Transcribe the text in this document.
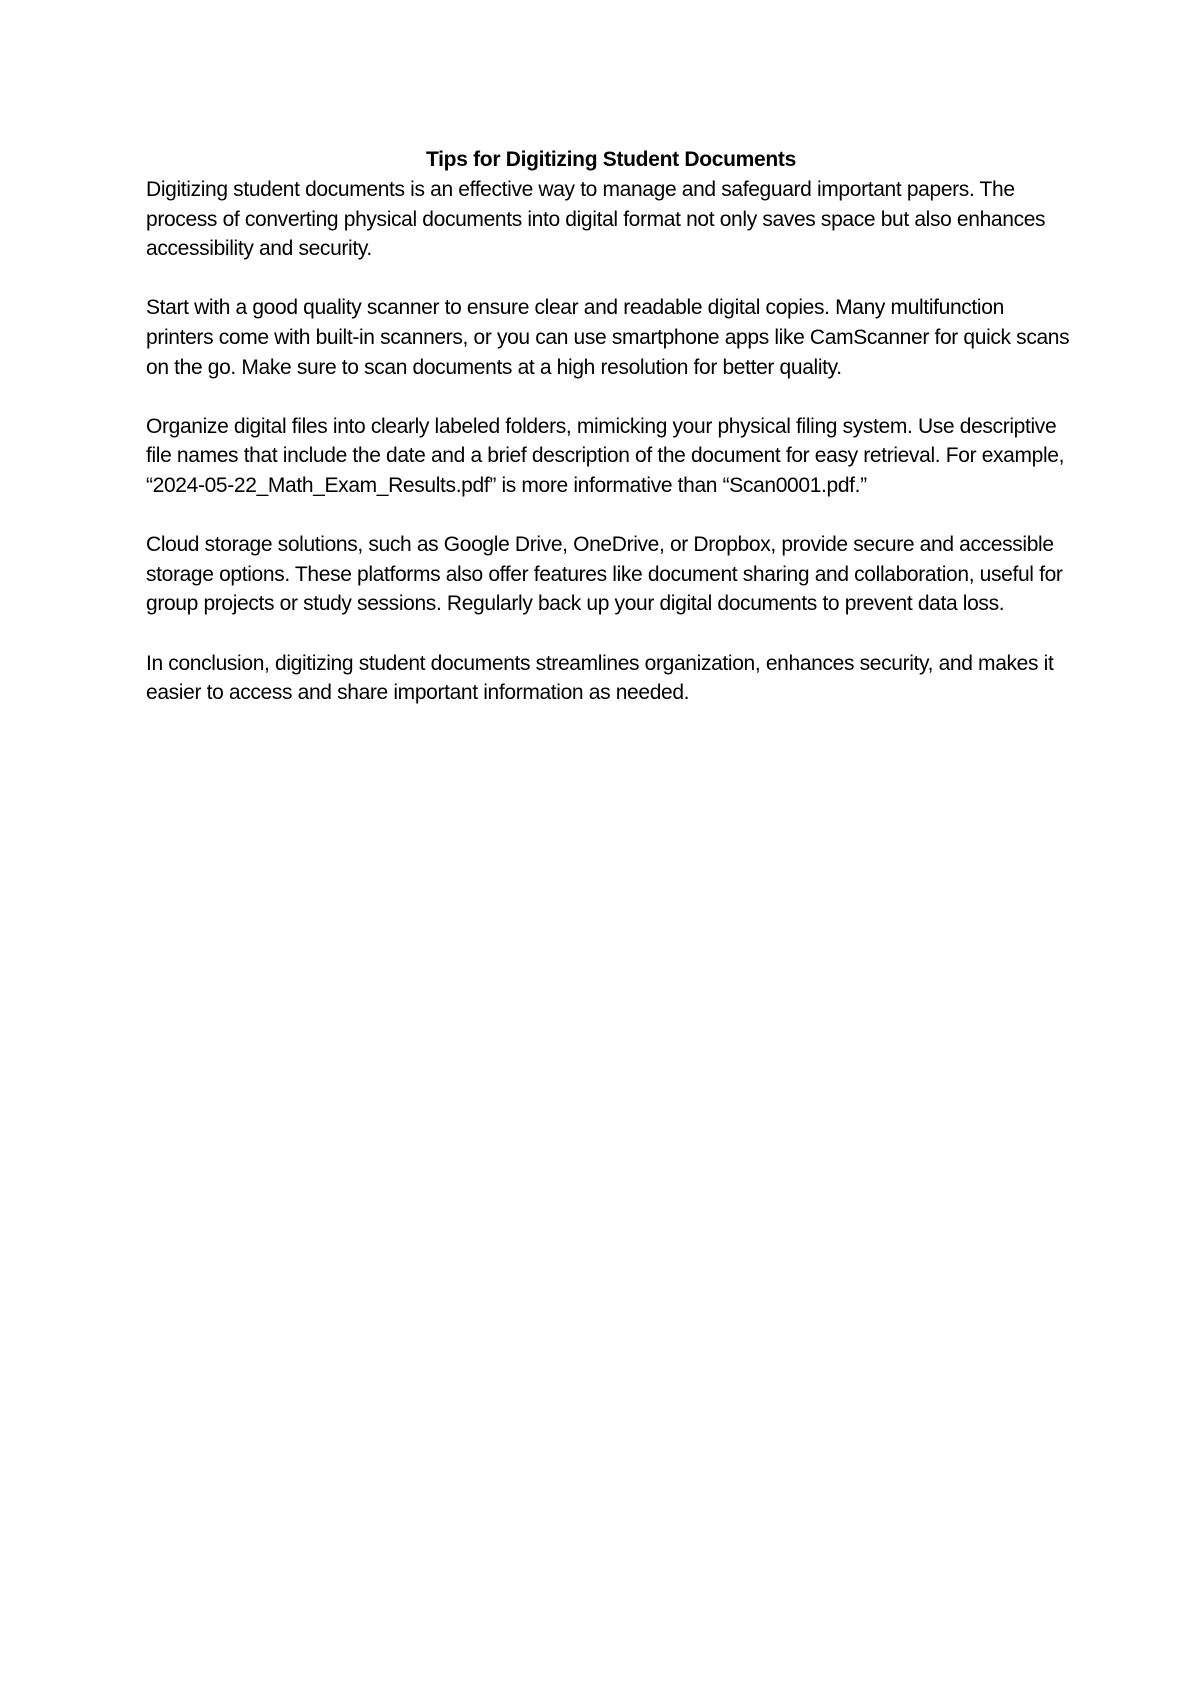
Tips for Digitizing Student Documents

Digitizing student documents is an effective way to manage and safeguard important papers. The process of converting physical documents into digital format not only saves space but also enhances accessibility and security.

Start with a good quality scanner to ensure clear and readable digital copies. Many multifunction printers come with built-in scanners, or you can use smartphone apps like CamScanner for quick scans on the go. Make sure to scan documents at a high resolution for better quality.

Organize digital files into clearly labeled folders, mimicking your physical filing system. Use descriptive file names that include the date and a brief description of the document for easy retrieval. For example, “2024-05-22_Math_Exam_Results.pdf” is more informative than “Scan0001.pdf.”

Cloud storage solutions, such as Google Drive, OneDrive, or Dropbox, provide secure and accessible storage options. These platforms also offer features like document sharing and collaboration, useful for group projects or study sessions. Regularly back up your digital documents to prevent data loss.

In conclusion, digitizing student documents streamlines organization, enhances security, and makes it easier to access and share important information as needed.
